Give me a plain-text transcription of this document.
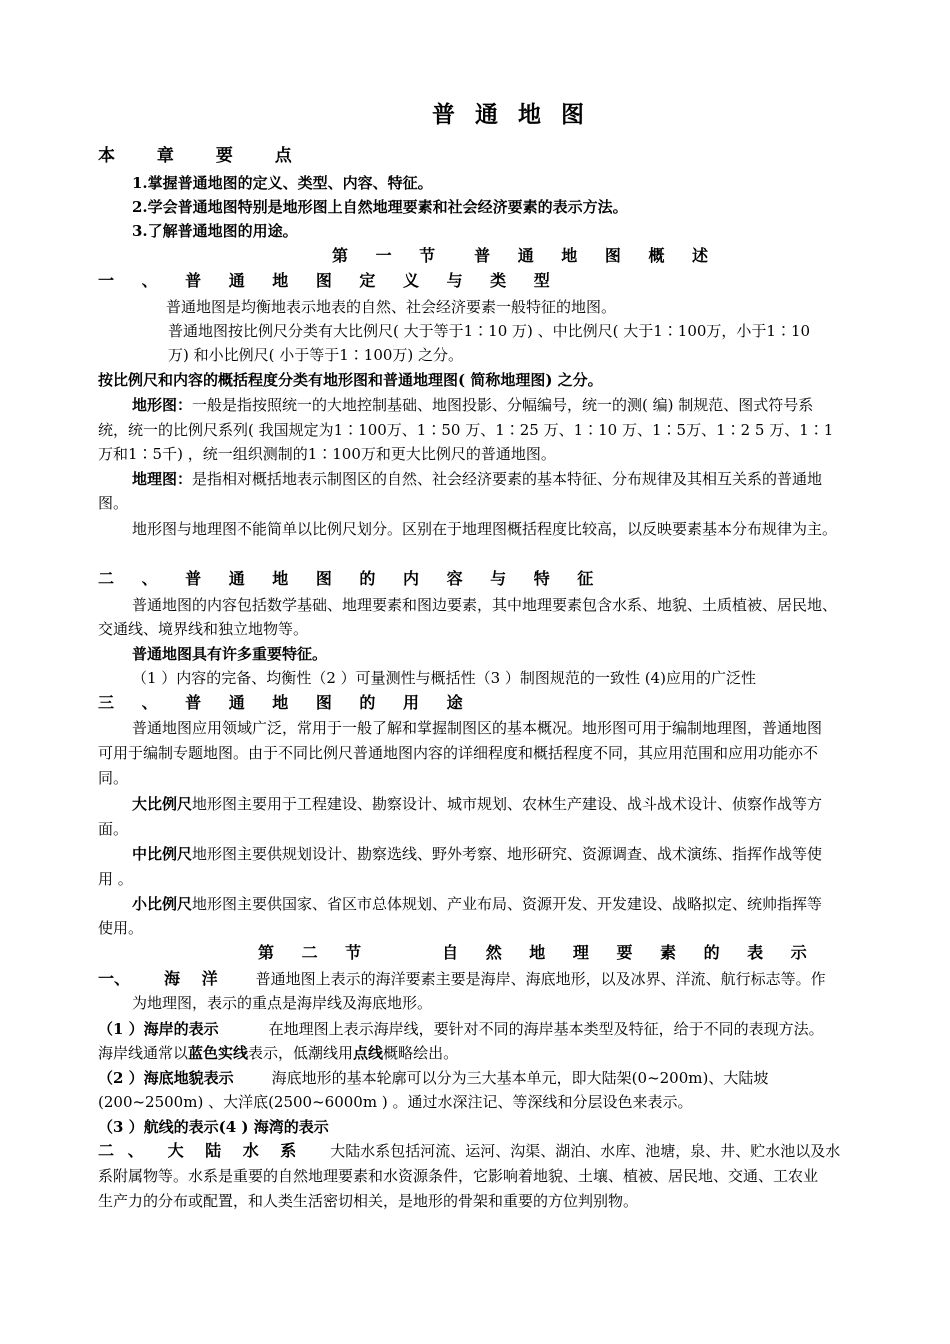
普 通 地 图
本 章 要 点
1.掌握普通地图的定义、类型、内容、特征。
2.学会普通地图特别是地形图上自然地理要素和社会经济要素的表示方法。
3.了解普通地图的用途。
第 一 节 普 通 地 图 概 述
一 、 普 通 地 图 定 义 与 类 型
普通地图是均衡地表示地表的自然、社会经济要素一般特征的地图。
普通地图按比例尺分类有大比例尺( 大于等于1∶10 万) 、中比例尺( 大于1∶100万，小于1∶10
万) 和小比例尺( 小于等于1∶100万) 之分。
按比例尺和内容的概括程度分类有地形图和普通地理图( 简称地理图) 之分。
地形图：一般是指按照统一的大地控制基础、地图投影、分幅编号，统一的测( 编) 制规范、图式符号系
统，统一的比例尺系列( 我国规定为1∶100万、1∶50 万、1∶25 万、1∶10 万、1∶5万、1∶2 5 万、1∶1
万和1∶5千) ，统一组织测制的1∶100万和更大比例尺的普通地图。
地理图：是指相对概括地表示制图区的自然、社会经济要素的基本特征、分布规律及其相互关系的普通地
图。
地形图与地理图不能简单以比例尺划分。区别在于地理图概括程度比较高，以反映要素基本分布规律为主。
二 、 普 通 地 图 的 内 容 与 特 征
普通地图的内容包括数学基础、地理要素和图边要素，其中地理要素包含水系、地貌、土质植被、居民地、
交通线、境界线和独立地物等。
普通地图具有许多重要特征。
（1 ）内容的完备、均衡性（2 ）可量测性与概括性（3 ）制图规范的一致性 (4)应用的广泛性
三 、 普 通 地 图 的 用 途
普通地图应用领域广泛，常用于一般了解和掌握制图区的基本概况。地形图可用于编制地理图，普通地图
可用于编制专题地图。由于不同比例尺普通地图内容的详细程度和概括程度不同，其应用范围和应用功能亦不
同。
大比例尺地形图主要用于工程建设、勘察设计、城市规划、农林生产建设、战斗战术设计、侦察作战等方
面。
中比例尺地形图主要供规划设计、勘察选线、野外考察、地形研究、资源调查、战术演练、指挥作战等使
用 。
小比例尺地形图主要供国家、省区市总体规划、产业布局、资源开发、开发建设、战略拟定、统帅指挥等
使用。
第 二 节	自 然 地 理 要 素 的 表 示
一、 海 洋 普通地图上表示的海洋要素主要是海岸、海底地形，以及冰界、洋流、航行标志等。作
为地理图，表示的重点是海岸线及海底地形。
（1 ）海岸的表示	在地理图上表示海岸线，要针对不同的海岸基本类型及特征，给于不同的表现方法。
海岸线通常以蓝色实线表示，低潮线用点线概略绘出。
（2 ）海底地貌表示	海底地形的基本轮廓可以分为三大基本单元，即大陆架(0~200m)、大陆坡
(200~2500m) 、大洋底(2500~6000m ) 。通过水深注记、等深线和分层设色来表示。
（3 ）航线的表示(4 ) 海湾的表示
二 、 大 陆 水 系 大陆水系包括河流、运河、沟渠、湖泊、水库、池塘，泉、井、贮水池以及水
系附属物等。水系是重要的自然地理要素和水资源条件，它影响着地貌、土壤、植被、居民地、交通、工农业
生产力的分布或配置，和人类生活密切相关，是地形的骨架和重要的方位判别物。
